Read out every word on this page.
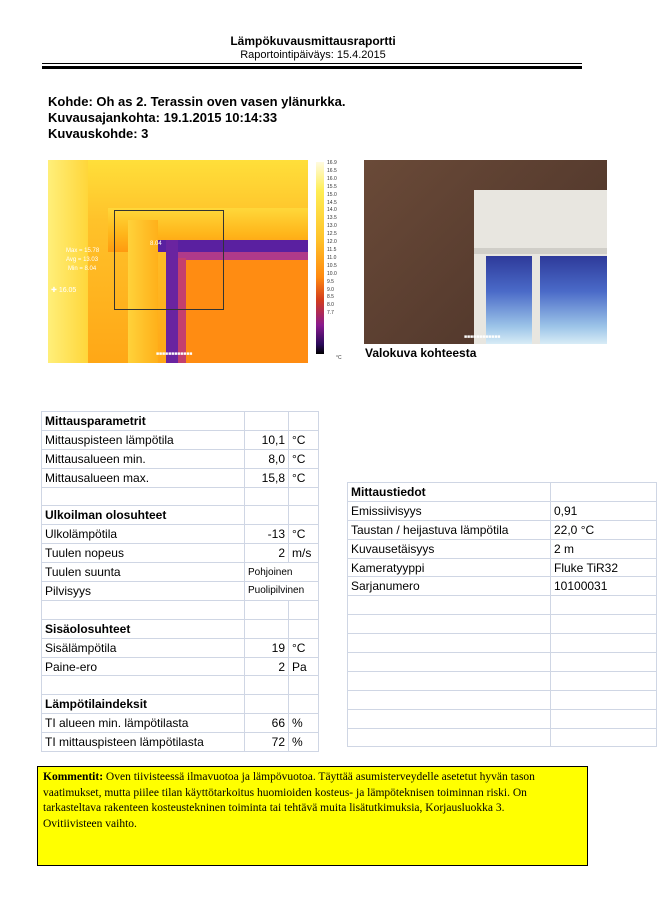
Lämpökuvausmittausraportti
Raportointipäiväys: 15.4.2015
Kohde: Oh as 2. Terassin oven vasen ylänurkka.
Kuvausajankohta: 19.1.2015 10:14:33
Kuvauskohde: 3
Max = 15.78
Avg = 13.03
Min = 8.04
8.04
✚ 16.05
16.9
16.5
16.0
15.5
15.0
14.5
14.0
13.5
13.0
12.5
12.0
11.5
11.0
10.5
10.0
9.5
9.0
8.5
8.0
7.7
°C
■■■■■■■■■■■■
■■■■■■■■■■■■
Valokuva kohteesta
Mittausparametrit		
Mittauspisteen lämpötila	10,1	°C
Mittausalueen min.	8,0	°C
Mittausalueen max.	15,8	°C

Ulkoilman olosuhteet		
Ulkolämpötila	-13	°C
Tuulen nopeus	2	m/s
Tuulen suunta	Pohjoinen	
Pilvisyys	Puolipilvinen	

Sisäolosuhteet		
Sisälämpötila	19	°C
Paine-ero	2	Pa

Lämpötilaindeksit		
TI alueen min. lämpötilasta	66	%
TI mittauspisteen lämpötilasta	72	%
Mittaustiedot	
Emissiivisyys	0,91
Taustan / heijastuva lämpötila	22,0 °C
Kuvausetäisyys	2 m
Kameratyyppi	Fluke TiR32
Sarjanumero	10100031

Kommentit: Oven tiivisteessä ilmavuotoa ja lämpövuotoa. Täyttää asumisterveydelle asetetut hyvän tason vaatimukset, mutta piilee tilan käyttötarkoitus huomioiden kosteus- ja lämpöteknisen toiminnan riski. On tarkasteltava rakenteen kosteustekninen toiminta tai tehtävä muita lisätutkimuksia, Korjausluokka 3.
Ovitiivisteen vaihto.
